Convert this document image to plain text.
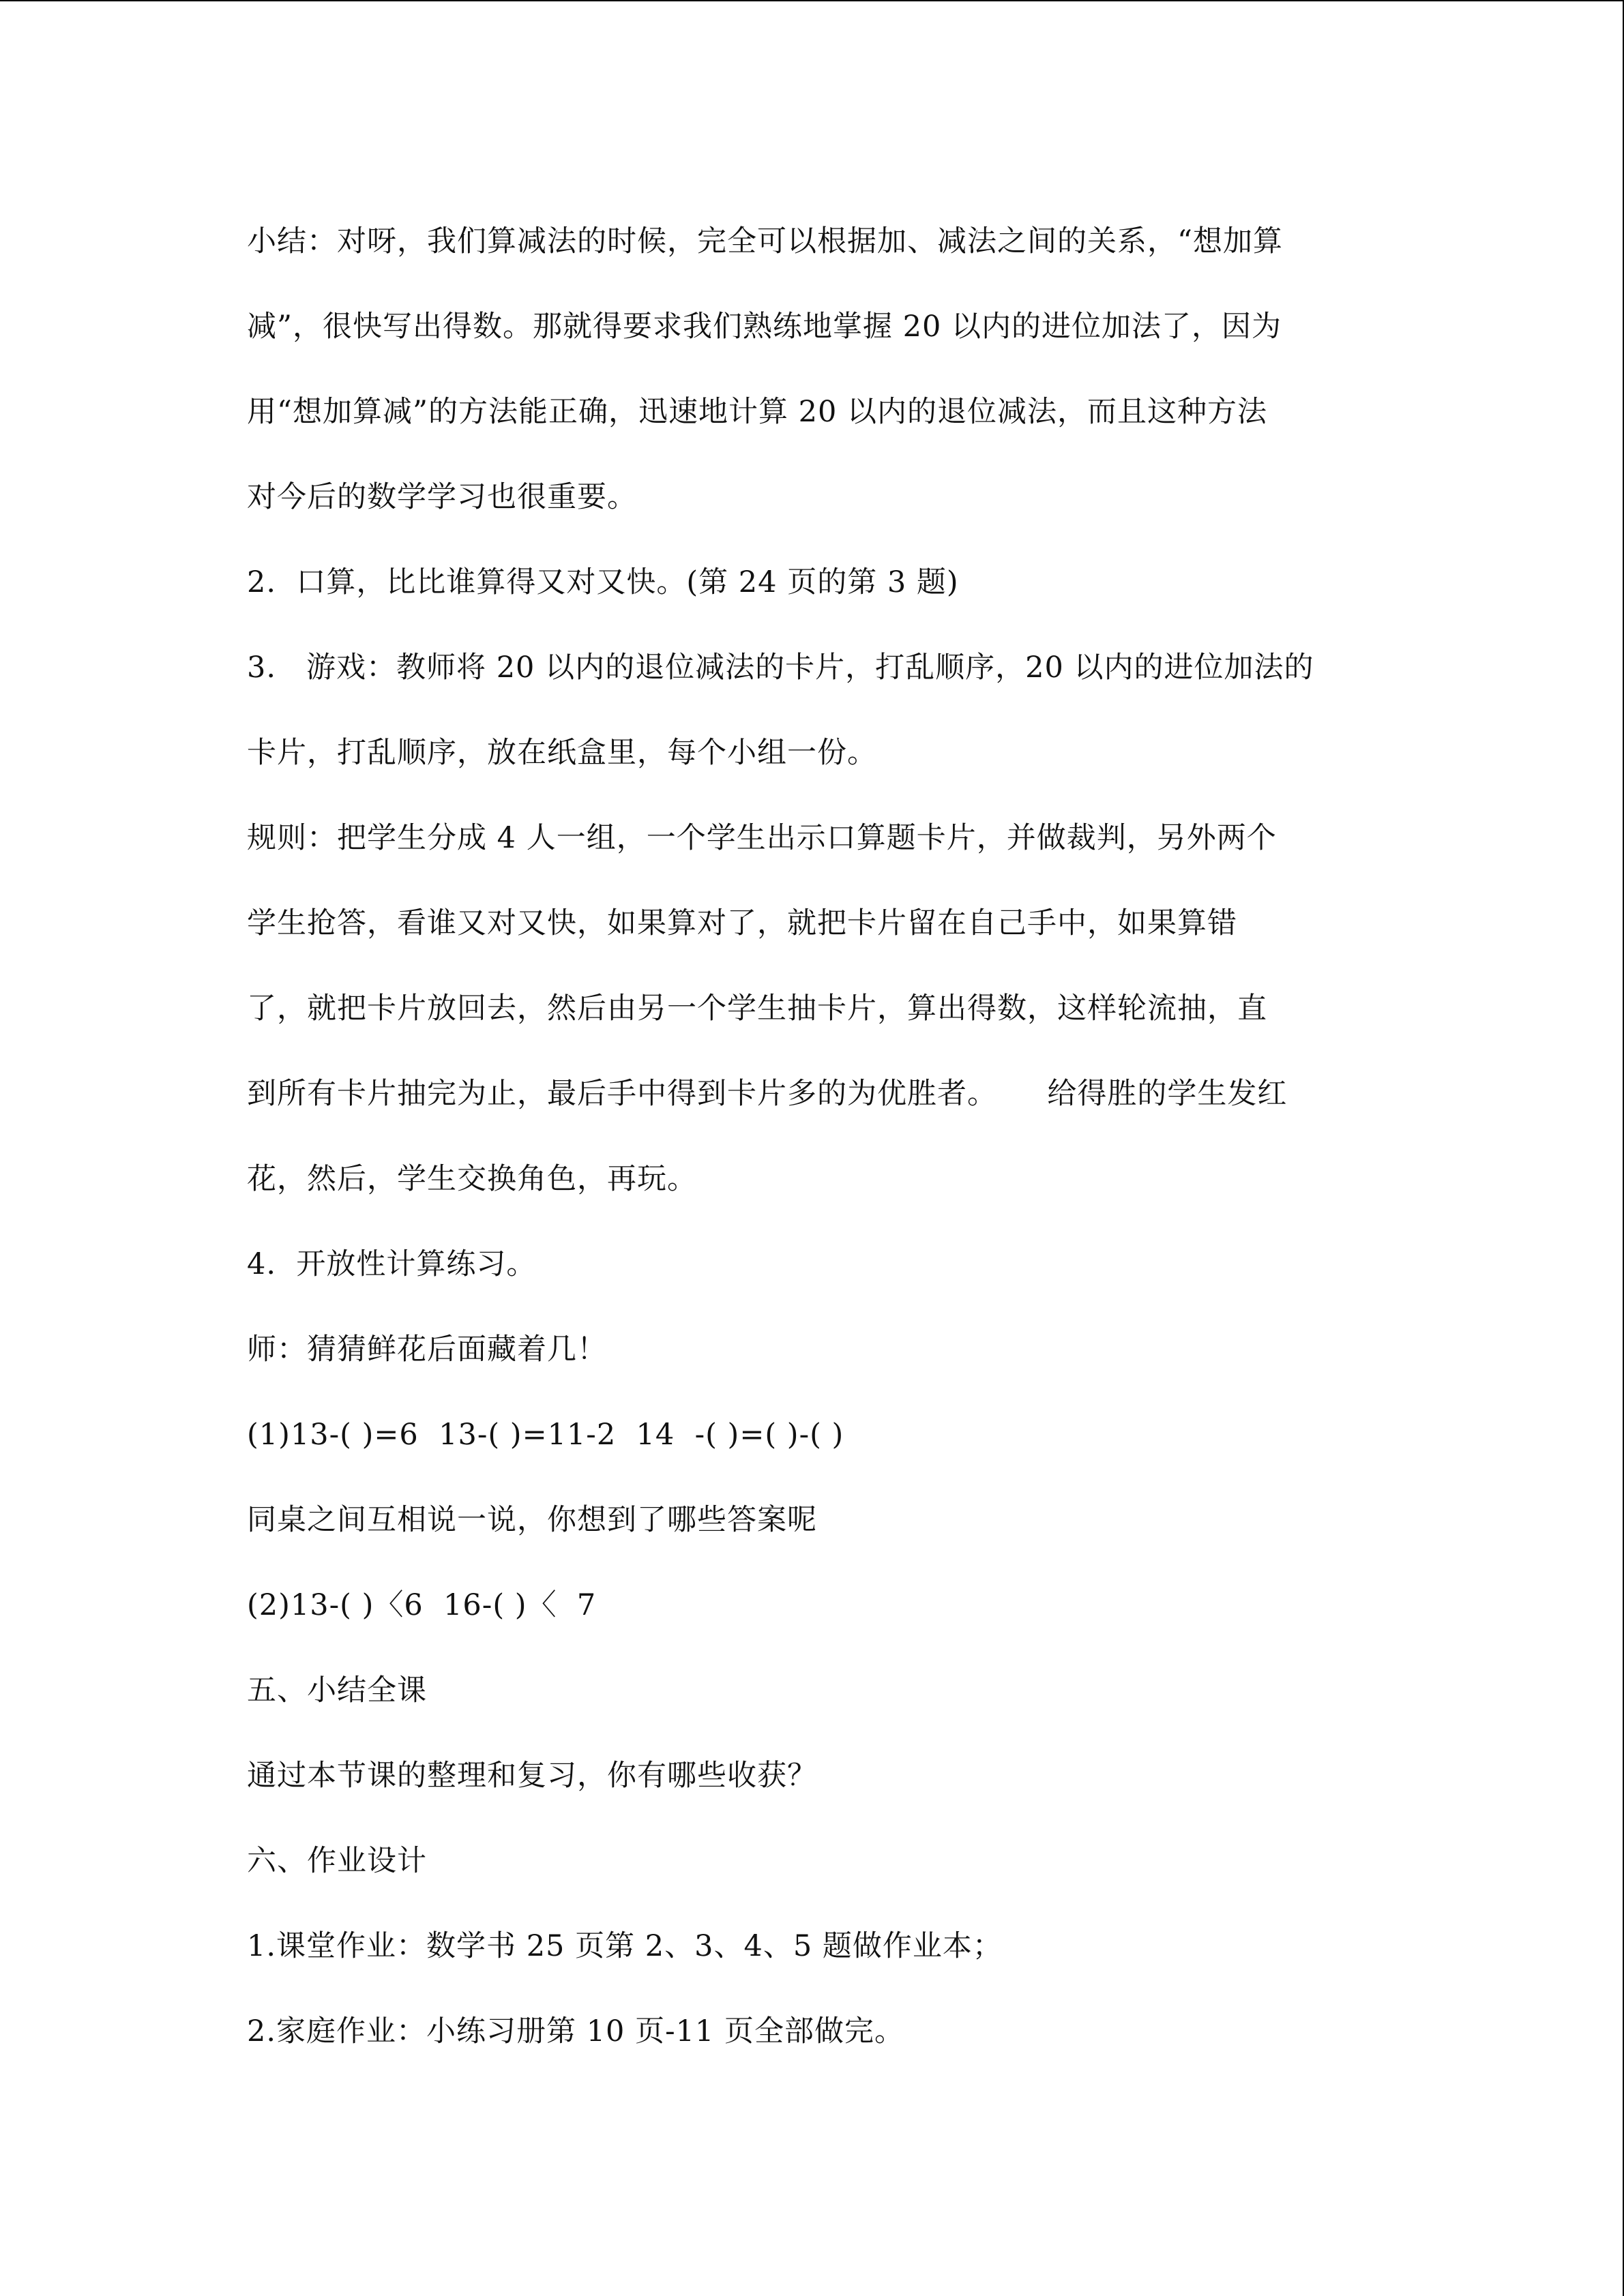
小结：对呀，我们算减法的时候，完全可以根据加、减法之间的关系，“想加算
减”，很快写出得数。那就得要求我们熟练地掌握 20 以内的进位加法了，因为
用“想加算减”的方法能正确，迅速地计算 20 以内的退位减法，而且这种方法
对今后的数学学习也很重要。
2.  口算，比比谁算得又对又快。(第 24 页的第 3 题)
3.   游戏：教师将 20 以内的退位减法的卡片，打乱顺序，20 以内的进位加法的
卡片，打乱顺序，放在纸盒里，每个小组一份。
规则：把学生分成 4 人一组，一个学生出示口算题卡片，并做裁判，另外两个
学生抢答，看谁又对又快，如果算对了，就把卡片留在自己手中，如果算错
了，就把卡片放回去，然后由另一个学生抽卡片，算出得数，这样轮流抽，直
到所有卡片抽完为止，最后手中得到卡片多的为优胜者。     给得胜的学生发红
花，然后，学生交换角色，再玩。
4.  开放性计算练习。
师：猜猜鲜花后面藏着几！
(1)13-( )=6  13-( )=11-2  14  -( )=( )-( )
同桌之间互相说一说，你想到了哪些答案呢
(2)13-( )〈6  16-( )〈  7
五、小结全课
通过本节课的整理和复习，你有哪些收获？
六、作业设计
1.课堂作业：数学书 25 页第 2、3、4、5 题做作业本；
2.家庭作业：小练习册第 10 页-11 页全部做完。
